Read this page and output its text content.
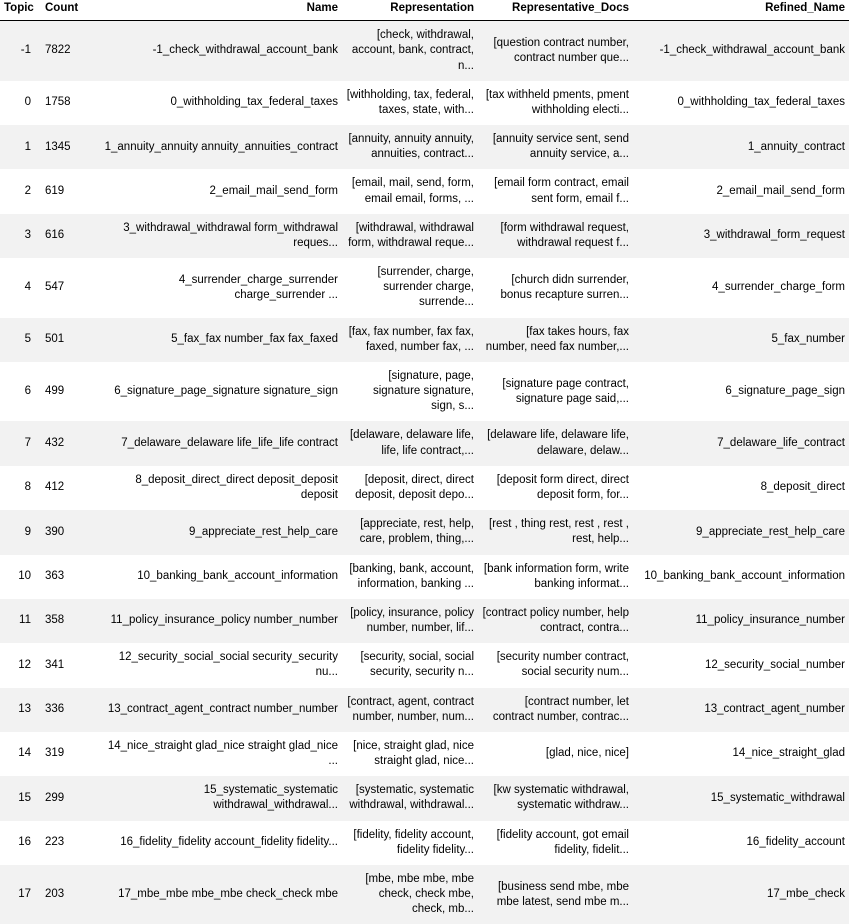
Topic	Count	Name	Representation	Representative_Docs	Refined_Name
-1	7822	-1_check_withdrawal_account_bank	[check, withdrawal, account, bank, contract, n...	[question contract number, contract number que...	-1_check_withdrawal_account_bank
0	1758	0_withholding_tax_federal_taxes	[withholding, tax, federal, taxes, state, with...	[tax withheld pments, pment withholding electi...	0_withholding_tax_federal_taxes
1	1345	1_annuity_annuity annuity_annuities_contract	[annuity, annuity annuity, annuities, contract...	[annuity service sent, send annuity service, a...	1_annuity_contract
2	619	2_email_mail_send_form	[email, mail, send, form, email email, forms, ...	[email form contract, email sent form, email f...	2_email_mail_send_form
3	616	3_withdrawal_withdrawal form_withdrawal reques...	[withdrawal, withdrawal form, withdrawal reque...	[form withdrawal request, withdrawal request f...	3_withdrawal_form_request
4	547	4_surrender_charge_surrender charge_surrender ...	[surrender, charge, surrender charge, surrende...	[church didn surrender, bonus recapture surren...	4_surrender_charge_form
5	501	5_fax_fax number_fax fax_faxed	[fax, fax number, fax fax, faxed, number fax, ...	[fax takes hours, fax number, need fax number,...	5_fax_number
6	499	6_signature_page_signature signature_sign	[signature, page, signature signature, sign, s...	[signature page contract, signature page said,...	6_signature_page_sign
7	432	7_delaware_delaware life_life_life contract	[delaware, delaware life, life, life contract,...	[delaware life, delaware life, delaware, delaw...	7_delaware_life_contract
8	412	8_deposit_direct_direct deposit_deposit deposit	[deposit, direct, direct deposit, deposit depo...	[deposit form direct, direct deposit form, for...	8_deposit_direct
9	390	9_appreciate_rest_help_care	[appreciate, rest, help, care, problem, thing,...	[rest , thing rest, rest , rest , rest, help...	9_appreciate_rest_help_care
10	363	10_banking_bank_account_information	[banking, bank, account, information, banking ...	[bank information form, write banking informat...	10_banking_bank_account_information
11	358	11_policy_insurance_policy number_number	[policy, insurance, policy number, number, lif...	[contract policy number, help contract, contra...	11_policy_insurance_number
12	341	12_security_social_social security_security nu...	[security, social, social security, security n...	[security number contract, social security num...	12_security_social_number
13	336	13_contract_agent_contract number_number	[contract, agent, contract number, number, num...	[contract number, let contract number, contrac...	13_contract_agent_number
14	319	14_nice_straight glad_nice straight glad_nice ...	[nice, straight glad, nice straight glad, nice...	[glad, nice, nice]	14_nice_straight_glad
15	299	15_systematic_systematic withdrawal_withdrawal...	[systematic, systematic withdrawal, withdrawal...	[kw systematic withdrawal, systematic withdraw...	15_systematic_withdrawal
16	223	16_fidelity_fidelity account_fidelity fidelity...	[fidelity, fidelity account, fidelity fidelity...	[fidelity account, got email fidelity, fidelit...	16_fidelity_account
17	203	17_mbe_mbe mbe_mbe check_check mbe	[mbe, mbe mbe, mbe check, check mbe, check, mb...	[business send mbe, mbe mbe latest, send mbe m...	17_mbe_check
